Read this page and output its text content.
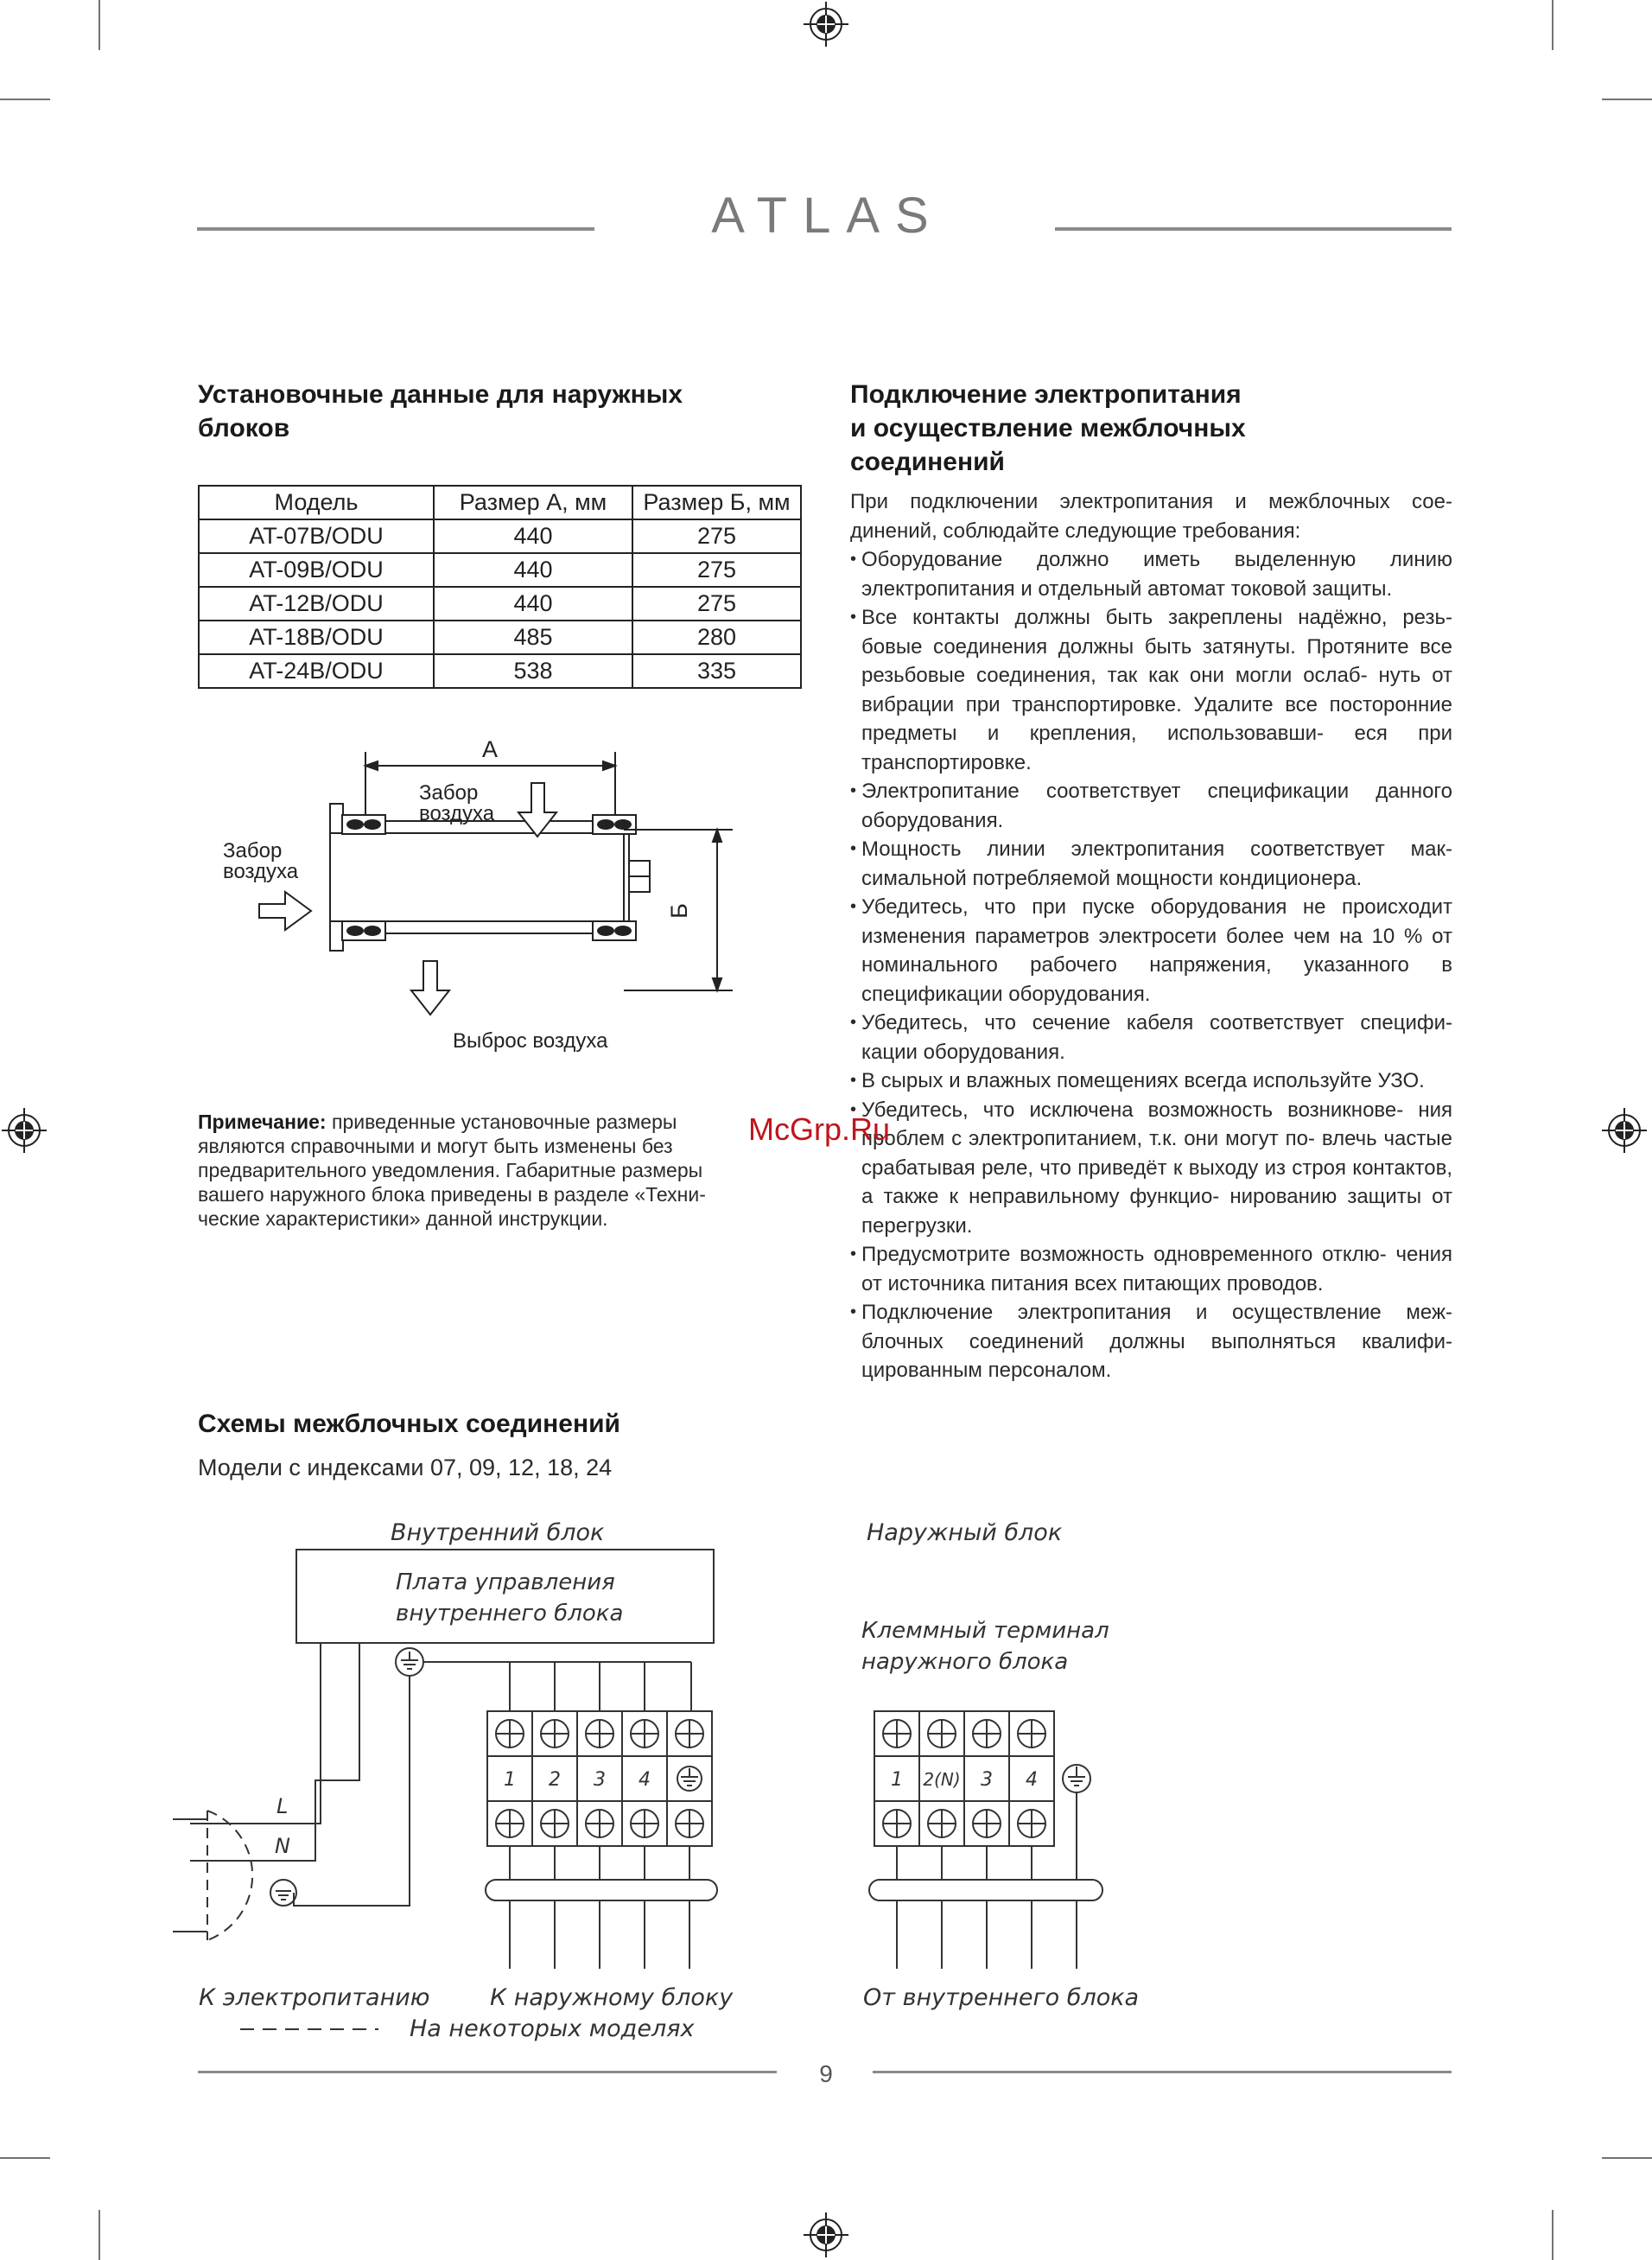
ATLAS
Установочные данные для наружных
блоков
Модель	Размер А, мм	Размер Б, мм
AT-07B/ODU	440	275
AT-09B/ODU	440	275
AT-12B/ODU	440	275
AT-18B/ODU	485	280
AT-24B/ODU	538	335
А
Б
Забор
воздуха
Забор
воздуха
Выброс воздуха
Примечание: приведенные установочные размеры
являются справочными и могут быть изменены без
предварительного уведомления. Габаритные размеры
вашего наружного блока приведены в разделе «Техни-
ческие характеристики» данной инструкции.
Подключение электропитания
и осуществление межблочных
соединений

При подключении электропитания и межблочных сое- динений, соблюдайте следующие требования:

• Оборудование должно иметь выделенную линию электропитания и отдельный автомат токовой защиты.
• Все контакты должны быть закреплены надёжно, резь- бовые соединения должны быть затянуты. Протяните все резьбовые соединения, так как они могли ослаб- нуть от вибрации при транспортировке. Удалите все посторонние предметы и крепления, использовавши- еся при транспортировке.
• Электропитание соответствует спецификации данного оборудования.
• Мощность линии электропитания соответствует мак- симальной потребляемой мощности кондиционера.
• Убедитесь, что при пуске оборудования не происходит изменения параметров электросети более чем на 10 % от номинального рабочего напряжения, указанного в спецификации оборудования.
• Убедитесь, что сечение кабеля соответствует специфи- кации оборудования.
• В сырых и влажных помещениях всегда используйте УЗО.
• Убедитесь, что исключена возможность возникнове- ния проблем с электропитанием, т.к. они могут по- влечь частые срабатывая реле, что приведёт к выходу из строя контактов, а также к неправильному функцио- нированию защиты от перегрузки.
• Предусмотрите возможность одновременного отклю- чения от источника питания всех питающих проводов.
• Подключение электропитания и осуществление меж- блочных соединений должны выполняться квалифи- цированным персоналом.
McGrp.Ru
Схемы межблочных соединений
Модели с индексами 07, 09, 12, 18, 24
Внутренний блок
Плата управления
внутреннего блока
Наружный блок
Клеммный терминал
наружного блока
1 2 3 4	1 2(N) 3 4
L
N
К электропитанию	К наружному блоку	От внутреннего блока
На некоторых моделях
9
